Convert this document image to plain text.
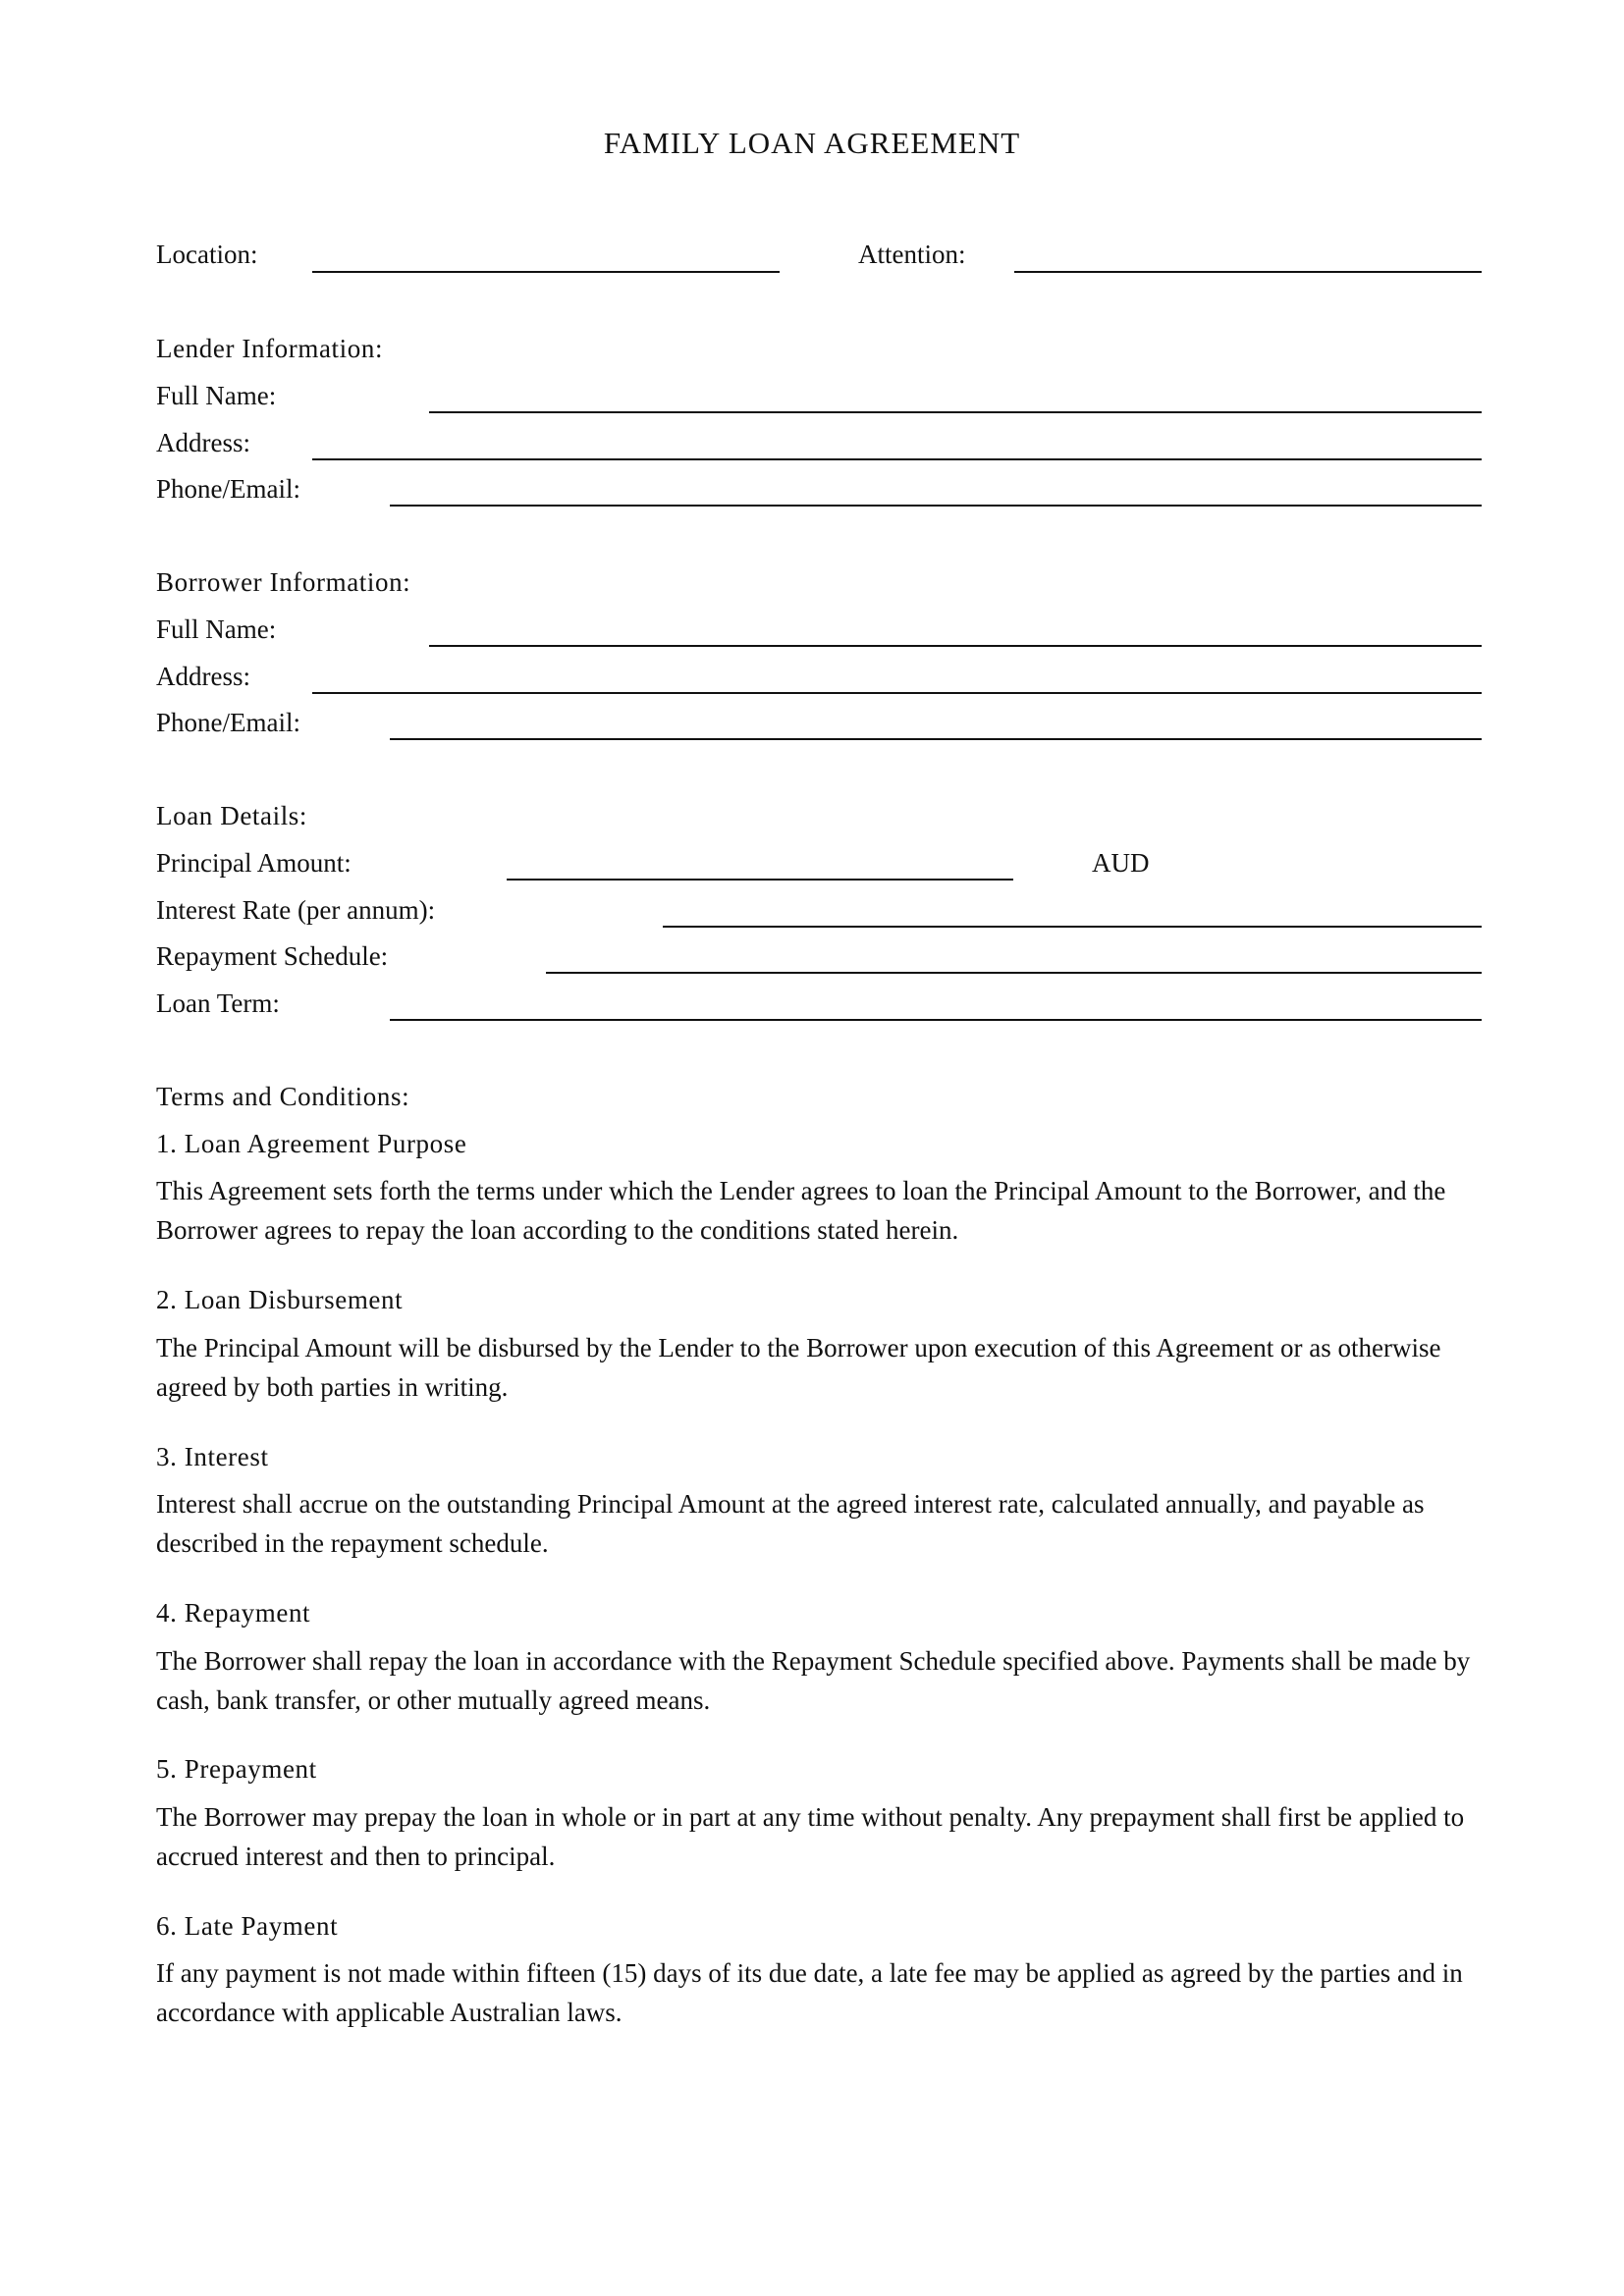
FAMILY LOAN AGREEMENT
Location:	Attention:
Lender Information:
Full Name:
Address:
Phone/Email:
Borrower Information:
Full Name:
Address:
Phone/Email:
Loan Details:
Principal Amount:	AUD
Interest Rate (per annum):
Repayment Schedule:
Loan Term:
Terms and Conditions:
1. Loan Agreement Purpose
This Agreement sets forth the terms under which the Lender agrees to loan the Principal Amount to the Borrower, and the Borrower agrees to repay the loan according to the conditions stated herein.
2. Loan Disbursement
The Principal Amount will be disbursed by the Lender to the Borrower upon execution of this Agreement or as otherwise agreed by both parties in writing.
3. Interest
Interest shall accrue on the outstanding Principal Amount at the agreed interest rate, calculated annually, and payable as described in the repayment schedule.
4. Repayment
The Borrower shall repay the loan in accordance with the Repayment Schedule specified above. Payments shall be made by cash, bank transfer, or other mutually agreed means.
5. Prepayment
The Borrower may prepay the loan in whole or in part at any time without penalty. Any prepayment shall first be applied to accrued interest and then to principal.
6. Late Payment
If any payment is not made within fifteen (15) days of its due date, a late fee may be applied as agreed by the parties and in accordance with applicable Australian laws.
